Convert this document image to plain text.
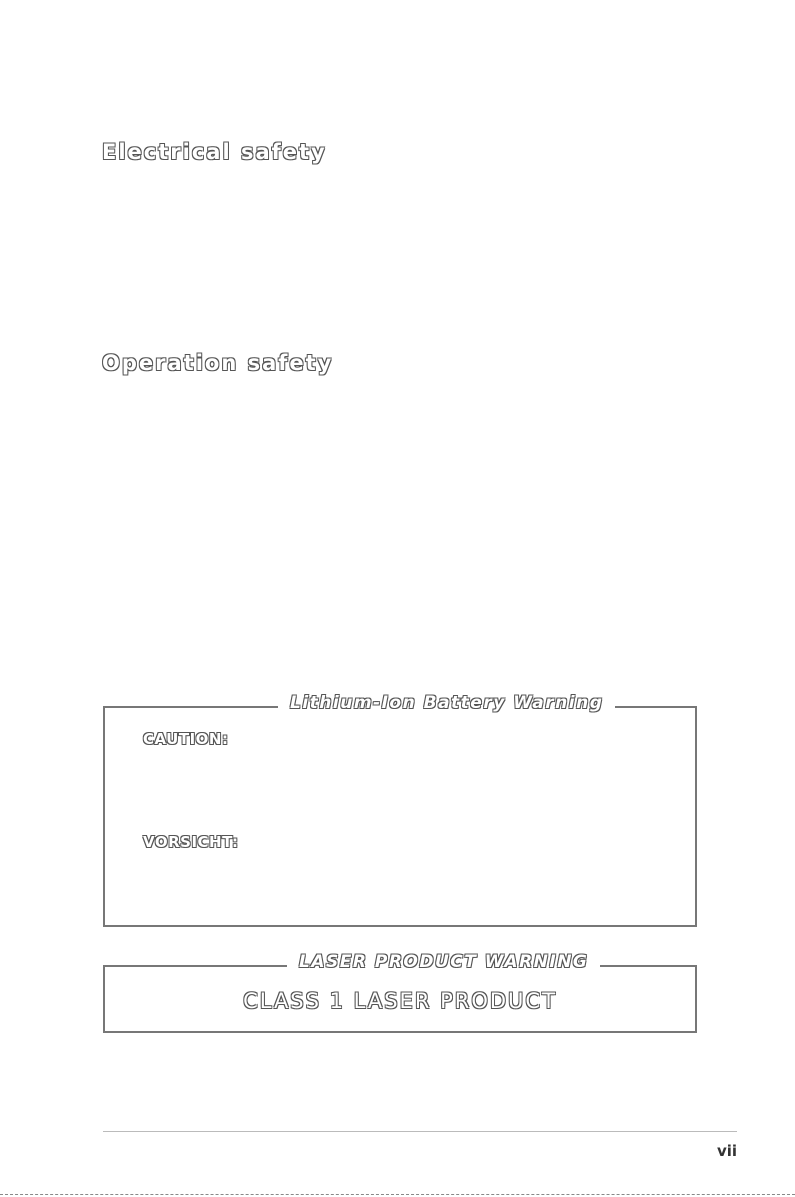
Electrical safety
Operation safety
Lithium-Ion Battery Warning
CAUTION:
VORSICHT:
LASER PRODUCT WARNING
CLASS 1 LASER PRODUCT
vii
